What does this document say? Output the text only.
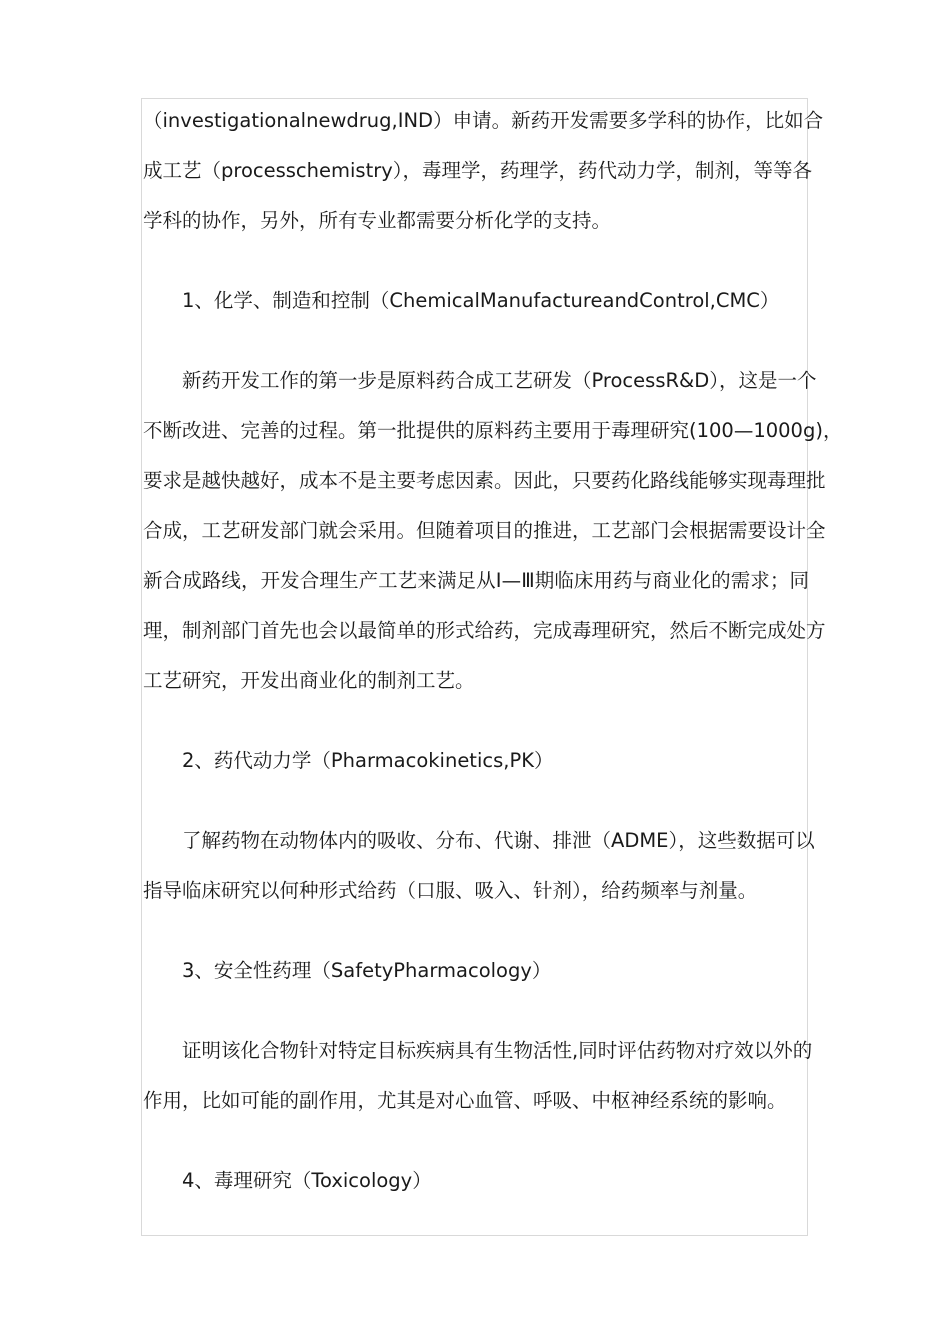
（investigationalnewdrug,IND）申请。新药开发需要多学科的协作，比如合
成工艺（processchemistry），毒理学，药理学，药代动力学，制剂，等等各
学科的协作，另外，所有专业都需要分析化学的支持。
1、化学、制造和控制（ChemicalManufactureandControl,CMC）
新药开发工作的第一步是原料药合成工艺研发（ProcessR&D），这是一个
不断改进、完善的过程。第一批提供的原料药主要用于毒理研究(100—1000g)，
要求是越快越好，成本不是主要考虑因素。因此，只要药化路线能够实现毒理批
合成，工艺研发部门就会采用。但随着项目的推进，工艺部门会根据需要设计全
新合成路线，开发合理生产工艺来满足从Ⅰ—Ⅲ期临床用药与商业化的需求；同
理，制剂部门首先也会以最简单的形式给药，完成毒理研究，然后不断完成处方
工艺研究，开发出商业化的制剂工艺。
2、药代动力学（Pharmacokinetics,PK）
了解药物在动物体内的吸收、分布、代谢、排泄（ADME），这些数据可以
指导临床研究以何种形式给药（口服、吸入、针剂），给药频率与剂量。
3、安全性药理（SafetyPharmacology）
证明该化合物针对特定目标疾病具有生物活性,同时评估药物对疗效以外的
作用，比如可能的副作用，尤其是对心血管、呼吸、中枢神经系统的影响。
4、毒理研究（Toxicology）
